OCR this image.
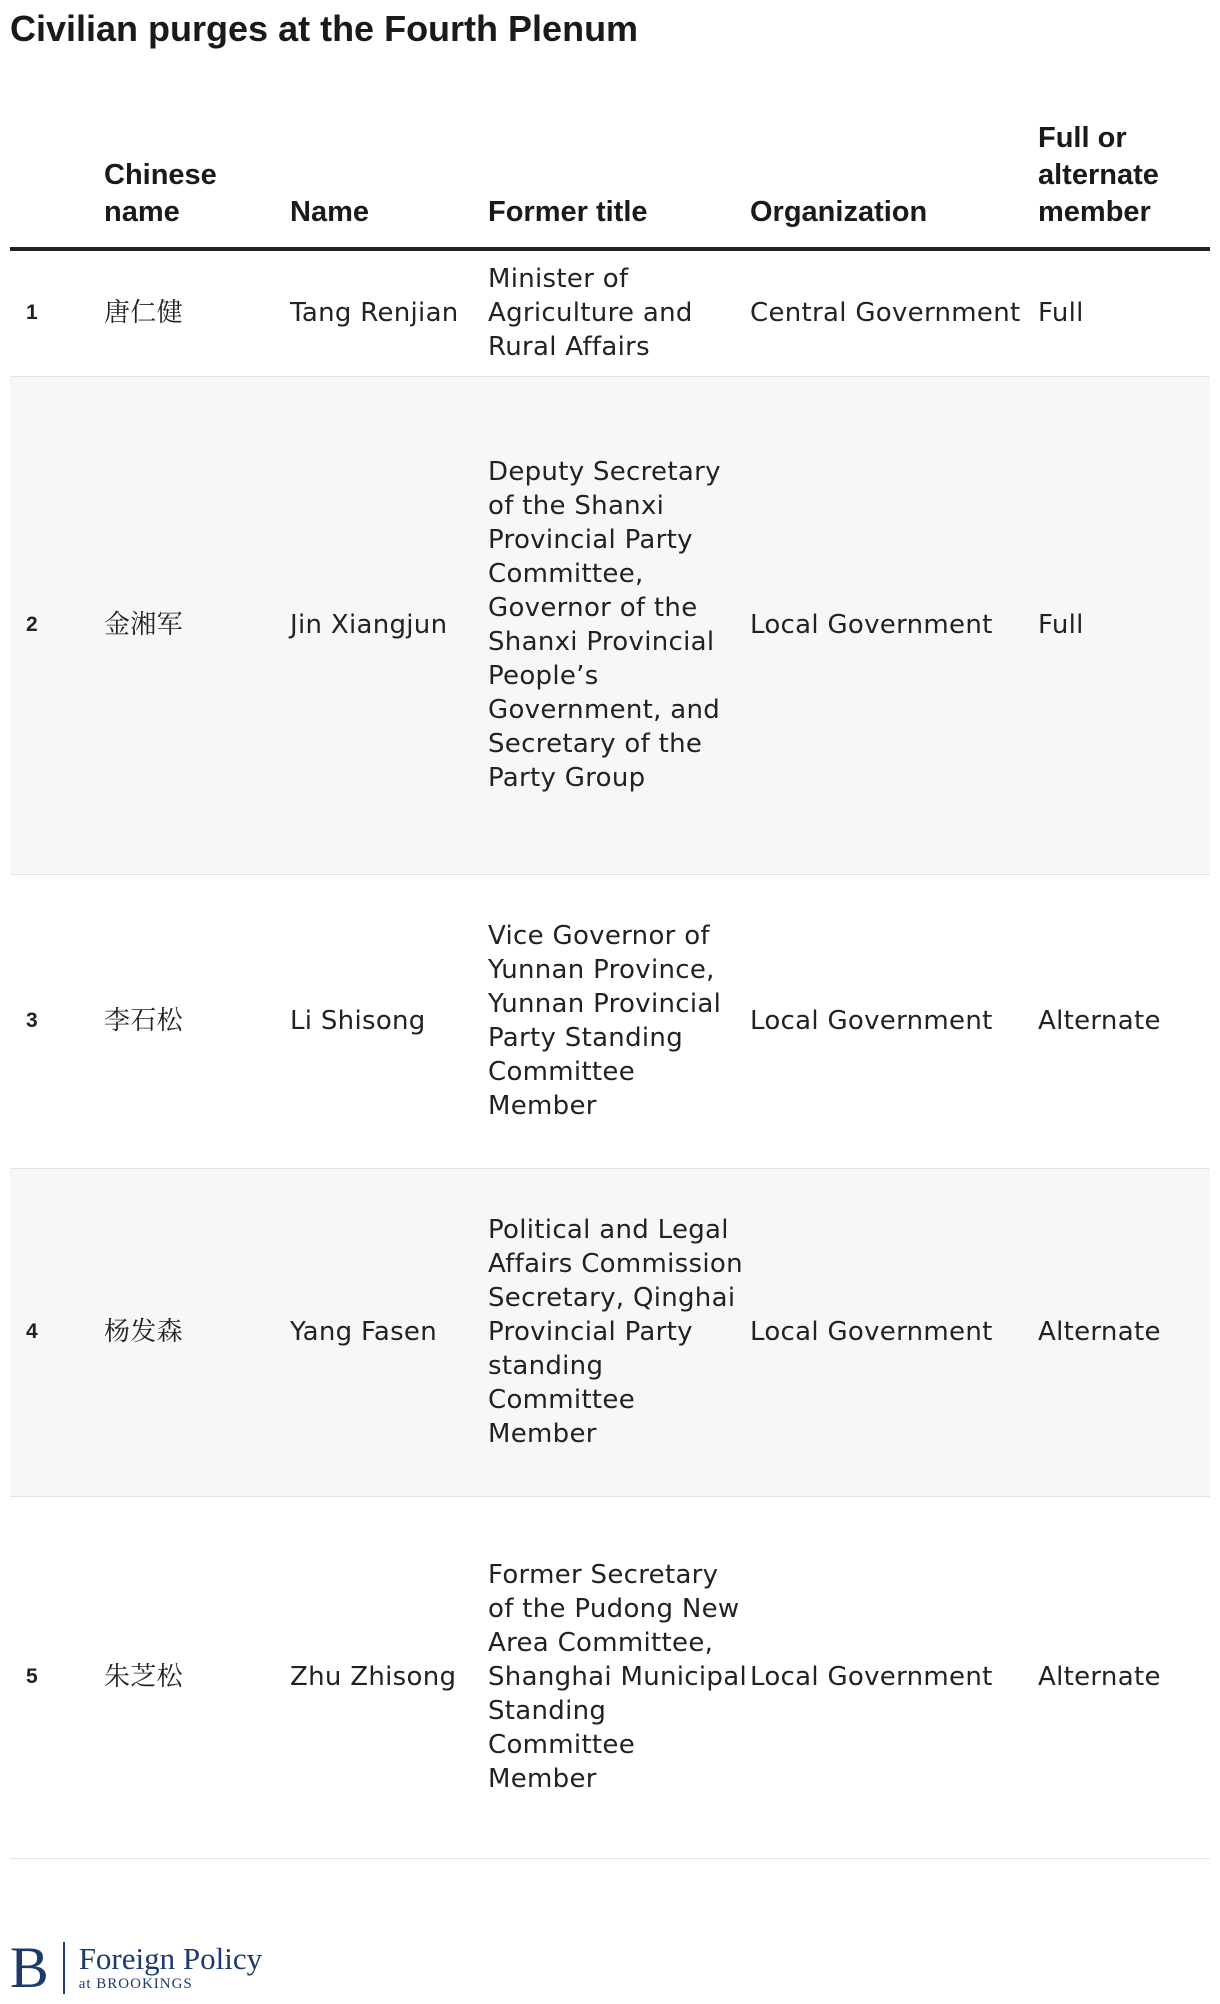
Civilian purges at the Fourth Plenum
	Chinese name	Name	Former title	Organization	Full or alternate member
1	唐仁健	Tang Renjian	Minister of Agriculture and Rural Affairs	Central Government	Full
2	金湘军	Jin Xiangjun	Deputy Secretary of the Shanxi Provincial Party Committee, Governor of the Shanxi Provincial People’s Government, and Secretary of the Party Group	Local Government	Full
3	李石松	Li Shisong	Vice Governor of Yunnan Province, Yunnan Provincial Party Standing Committee Member	Local Government	Alternate
4	杨发森	Yang Fasen	Political and Legal Affairs Commission Secretary, Qinghai Provincial Party standing Committee Member	Local Government	Alternate
5	朱芝松	Zhu Zhisong	Former Secretary of the Pudong New Area Committee, Shanghai Municipal Standing Committee Member	Local Government	Alternate
B Foreign Policy
at BROOKINGS
